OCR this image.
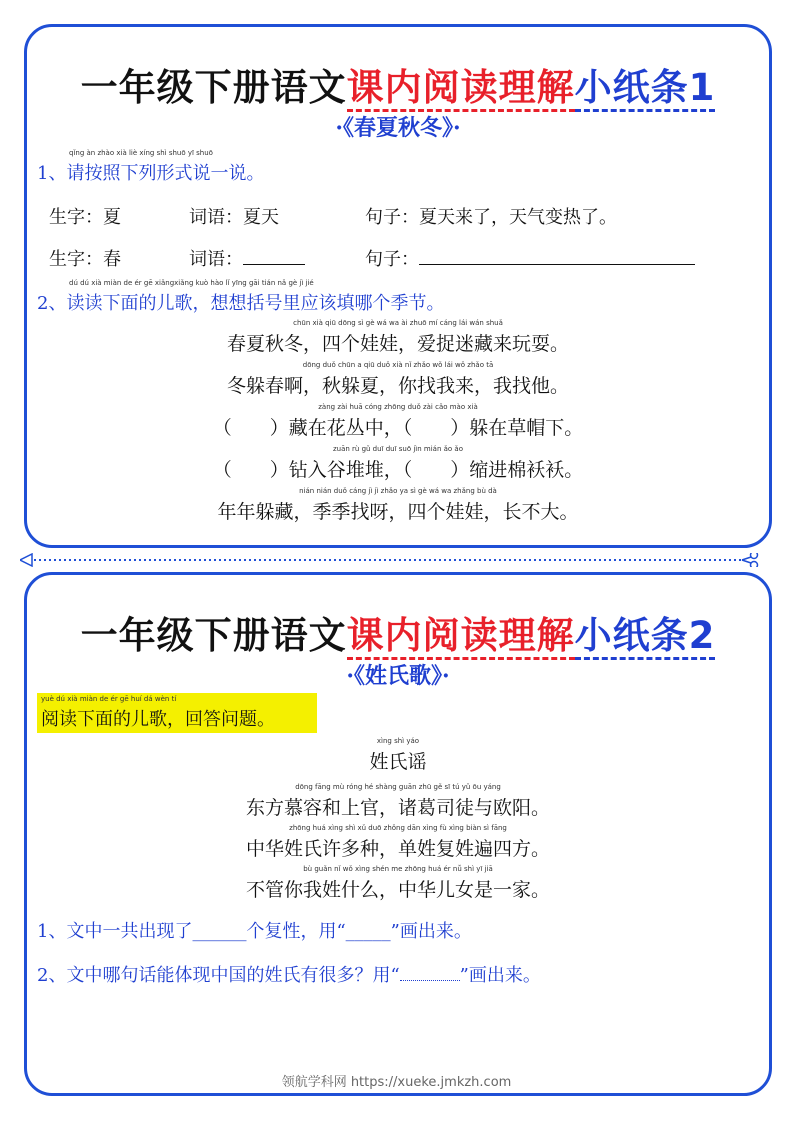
一年级下册语文课内阅读理解小纸条1
·《春夏秋冬》·
qǐng àn zhào xià liè xíng shì shuō yī shuō
1、请按照下列形式说一说。
生字：夏	词语：夏天	句子：夏天来了，天气变热了。
生字：春	词语：	句子：
dú dú xià miàn de ér gē xiǎngxiǎng kuò hào lǐ yīng gāi tián nǎ gè jì jié
2、读读下面的儿歌，想想括号里应该填哪个季节。
chūn xià qiū dōng sì gè wá wa ài zhuō mí cáng lái wán shuǎ
春夏秋冬，四个娃娃，爱捉迷藏来玩耍。
dōng duǒ chūn a qiū duǒ xià nǐ zhǎo wǒ lái wǒ zhǎo tā
冬躲春啊，秋躲夏，你找我来，我找他。
zàng zài huā cóng zhōng duǒ zài cǎo mào xià
（　　）藏在花丛中，（　　）躲在草帽下。
zuān rù gǔ duī duī suō jìn mián ǎo ǎo
（　　）钻入谷堆堆，（　　）缩进棉袄袄。
nián nián duǒ cáng jì jì zhǎo ya sì gè wá wa zhǎng bù dà
年年躲藏，季季找呀，四个娃娃，长不大。
一年级下册语文课内阅读理解小纸条2
·《姓氏歌》·
yuè dú xià miàn de ér gē huí dá wèn tí
阅读下面的儿歌，回答问题。
xìng shì yáo
姓氏谣
dōng fāng mù róng hé shàng guān zhū gě sī tú yǔ ōu yáng
东方慕容和上官，诸葛司徒与欧阳。
zhōng huá xìng shì xǔ duō zhǒng dān xìng fù xìng biàn sì fāng
中华姓氏许多种，单姓复姓遍四方。
bù guǎn nǐ wǒ xìng shén me zhōng huá ér nǚ shì yī jiā
不管你我姓什么，中华儿女是一家。
1、文中一共出现了______个复性，用“_____”画出来。
2、文中哪句话能体现中国的姓氏有很多？用“	”画出来。
领航学科网 https://xueke.jmkzh.com
